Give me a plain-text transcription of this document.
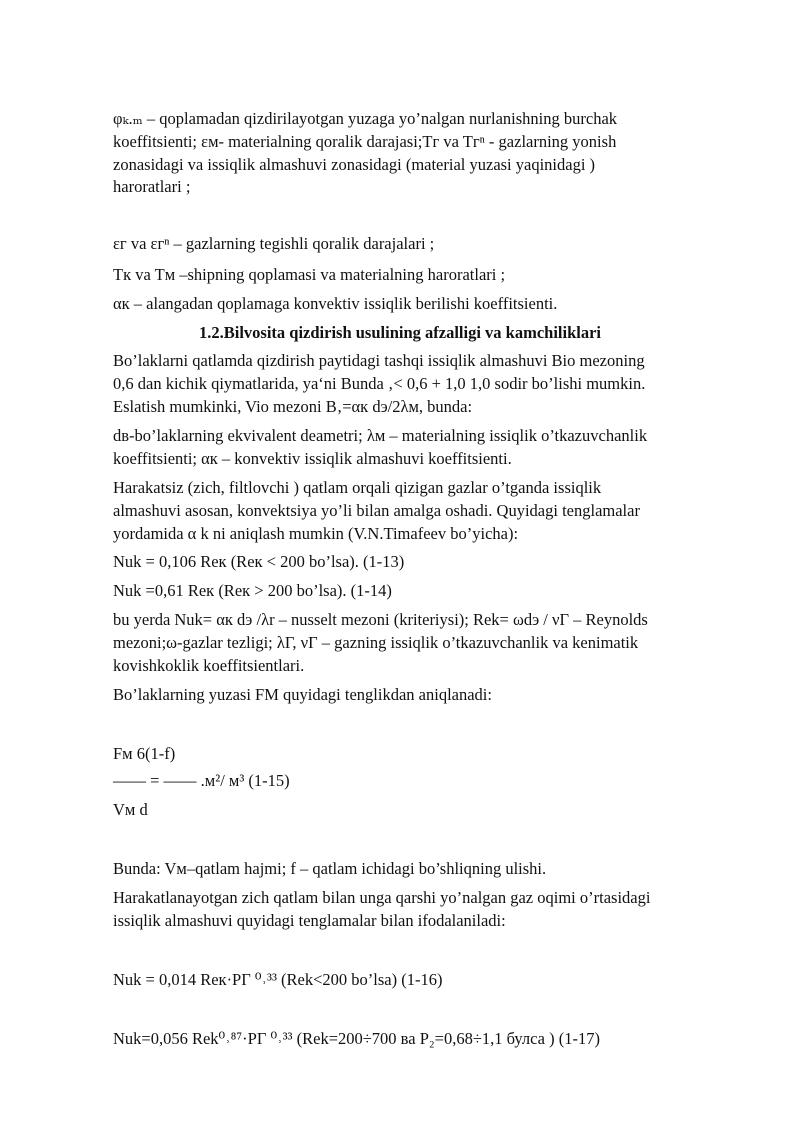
φₖ.ₘ – qoplamadan qizdirilayotgan yuzaga yo’nalgan nurlanishning burchak
koeffitsienti; εм- materialning qoralik darajasi;Tг va Tгⁿ - gazlarning yonish
zonasidagi va issiqlik almashuvi zonasidagi (material yuzasi yaqinidagi )
haroratlari ;
εг va εгⁿ – gazlarning tegishli qoralik darajalari ;
Tк va Tм –shipning qoplamasi va materialning haroratlari ;
αк – alangadan qoplamaga konvektiv issiqlik berilishi koeffitsienti.
1.2.Bilvosita qizdirish usulining afzalligi va kamchiliklari
Bo’laklarni qatlamda qizdirish paytidagi tashqi issiqlik almashuvi Bio mezoning
0,6 dan kichik qiymatlarida, ya‘ni Bunda ‚< 0,6 + 1,0 1,0 sodir bo’lishi mumkin.
Eslatish mumkinki, Vio mezoni B‚=αк dэ/2λм, bunda:
dв-bo’laklarning ekvivalent deametri; λм – materialning issiqlik o’tkazuvchanlik
koeffitsienti; αк – konvektiv issiqlik almashuvi koeffitsienti.
Harakatsiz (zich, filtlovchi ) qatlam orqali qizigan gazlar o’tganda issiqlik
almashuvi asosan, konvektsiya yo’li bilan amalga oshadi. Quyidagi tenglamalar
yordamida α k ni aniqlash mumkin (V.N.Timafeev bo’yicha):
Nuk = 0,106 Reк (Reк < 200 bo’lsa). (1-13)
Nuk =0,61 Reк (Reк > 200 bo’lsa). (1-14)
bu yerda Nuk= αк dэ /λr – nusselt mezoni (kriteriysi); Rek= ωdэ / νΓ – Reynolds
mezoni;ω-gazlar tezligi; λΓ, νΓ – gazning issiqlik o’tkazuvchanlik va kenimatik
kovishkoklik koeffitsientlari.
Bo’laklarning yuzasi FM quyidagi tenglikdan aniqlanadi:
Fм 6(1-f)
—— = —— .м²/ м³ (1-15)
Vм d
Bunda: Vм–qatlam hajmi; f – qatlam ichidagi bo’shliqning ulishi.
Harakatlanayotgan zich qatlam bilan unga qarshi yo’nalgan gaz oqimi o’rtasidagi
issiqlik almashuvi quyidagi tenglamalar bilan ifodalaniladi:
Nuk = 0,014 Reк·PΓ ⁰˒³³ (Rek<200 bo’lsa) (1-16)
Nuk=0,056 Rek⁰˒⁸⁷·PΓ ⁰˒³³ (Rek=200÷700 ва P₂=0,68÷1,1 булса ) (1-17)
